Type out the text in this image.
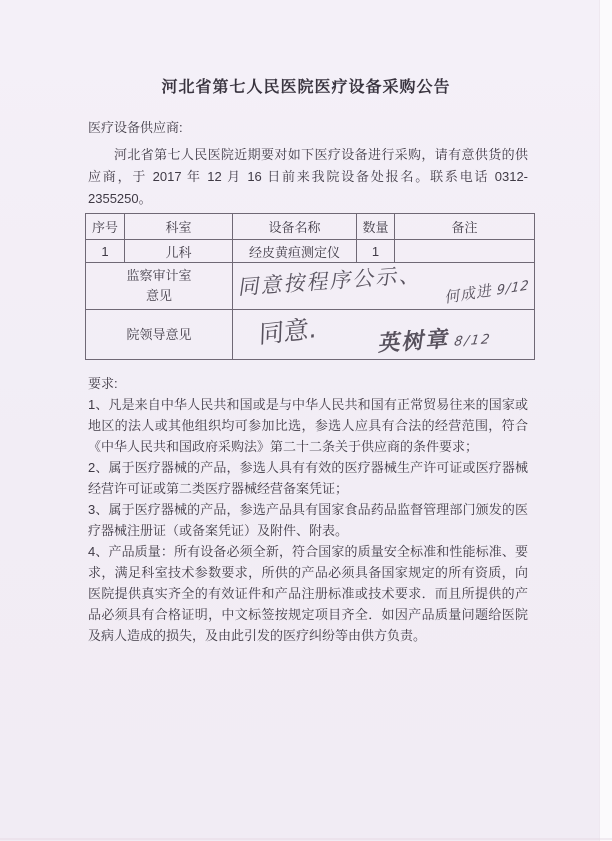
河北省第七人民医院医疗设备采购公告

医疗设备供应商:

河北省第七人民医院近期要对如下医疗设备进行采购，请有意供货的供应商，于 2017 年 12 月 16 日前来我院设备处报名。联系电话 0312-2355250。

序号	科室	设备名称	数量	备注
1	儿科	经皮黄疸测定仪	1	

监察审计室
意见	同意按程序公示、 何成进 9/12

院领导意见		同意. 英树章8/12		

要求:

1、凡是来自中华人民共和国或是与中华人民共和国有正常贸易往来的国家或地区的法人或其他组织均可参加比选，参选人应具有合法的经营范围，符合《中华人民共和国政府采购法》第二十二条关于供应商的条件要求；

2、属于医疗器械的产品，参选人具有有效的医疗器械生产许可证或医疗器械经营许可证或第二类医疗器械经营备案凭证；

3、属于医疗器械的产品，参选产品具有国家食品药品监督管理部门颁发的医疗器械注册证（或备案凭证）及附件、附表。

4、产品质量：所有设备必须全新，符合国家的质量安全标准和性能标准、要求，满足科室技术参数要求，所供的产品必须具备国家规定的所有资质，向医院提供真实齐全的有效证件和产品注册标准或技术要求．而且所提供的产品必须具有合格证明，中文标签按规定项目齐全．如因产品质量问题给医院及病人造成的损失，及由此引发的医疗纠纷等由供方负责。
